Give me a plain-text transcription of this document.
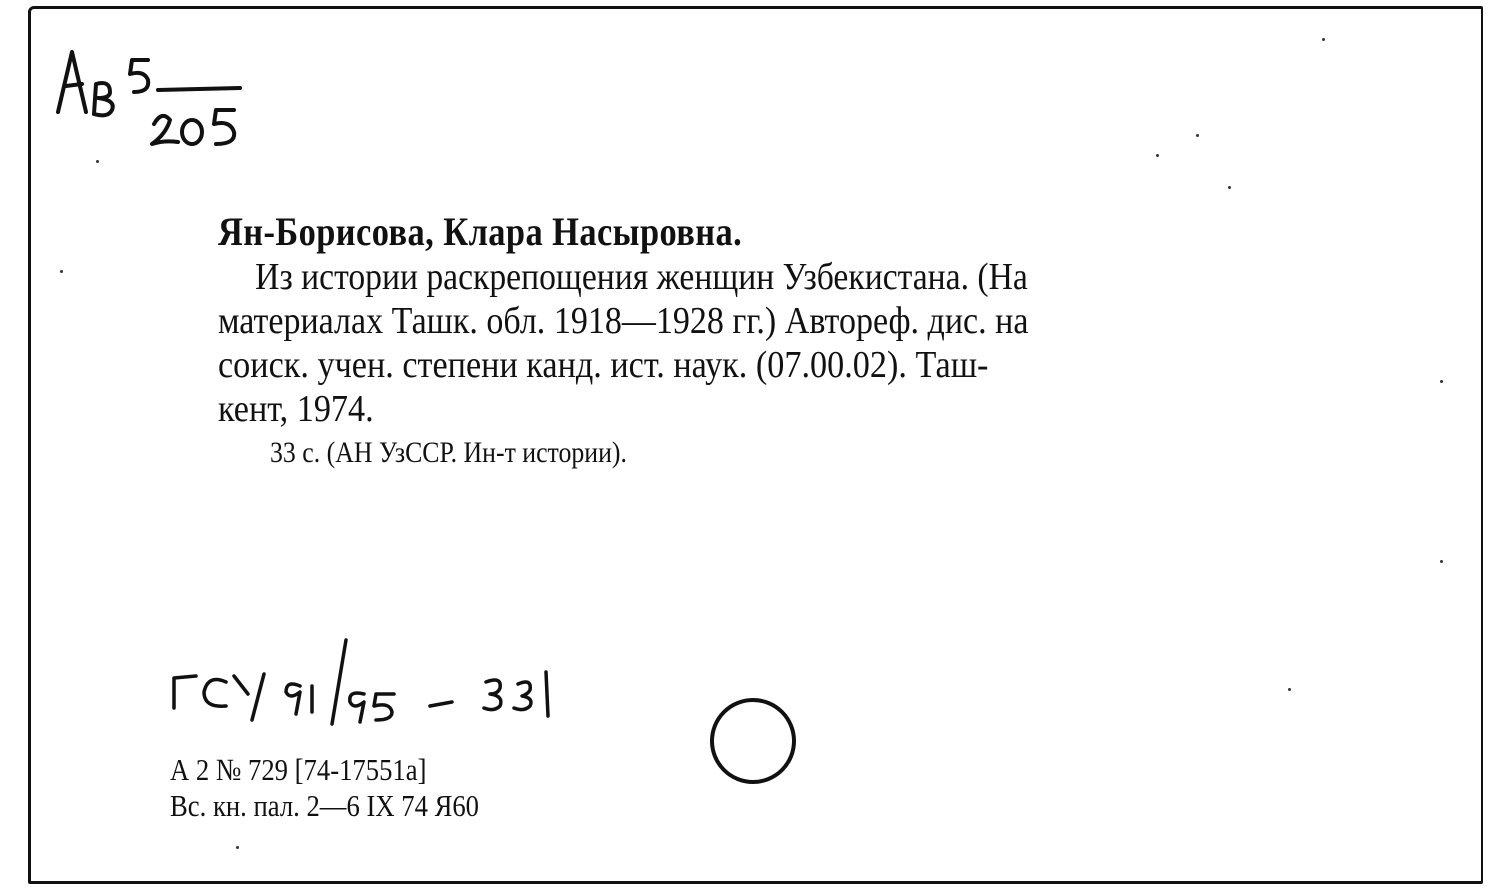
Ян-Борисова, Клара Насыровна.
Из истории раскрепощения женщин Узбекистана. (На
материалах Ташк. обл. 1918—1928 гг.) Автореф. дис. на
соиск. учен. степени канд. ист. наук. (07.00.02). Таш-
кент, 1974.
33 с. (АН УзССР. Ин-т истории).
А 2 № 729 [74-17551а]
Вс. кн. пал. 2—6 IX 74 Я60
